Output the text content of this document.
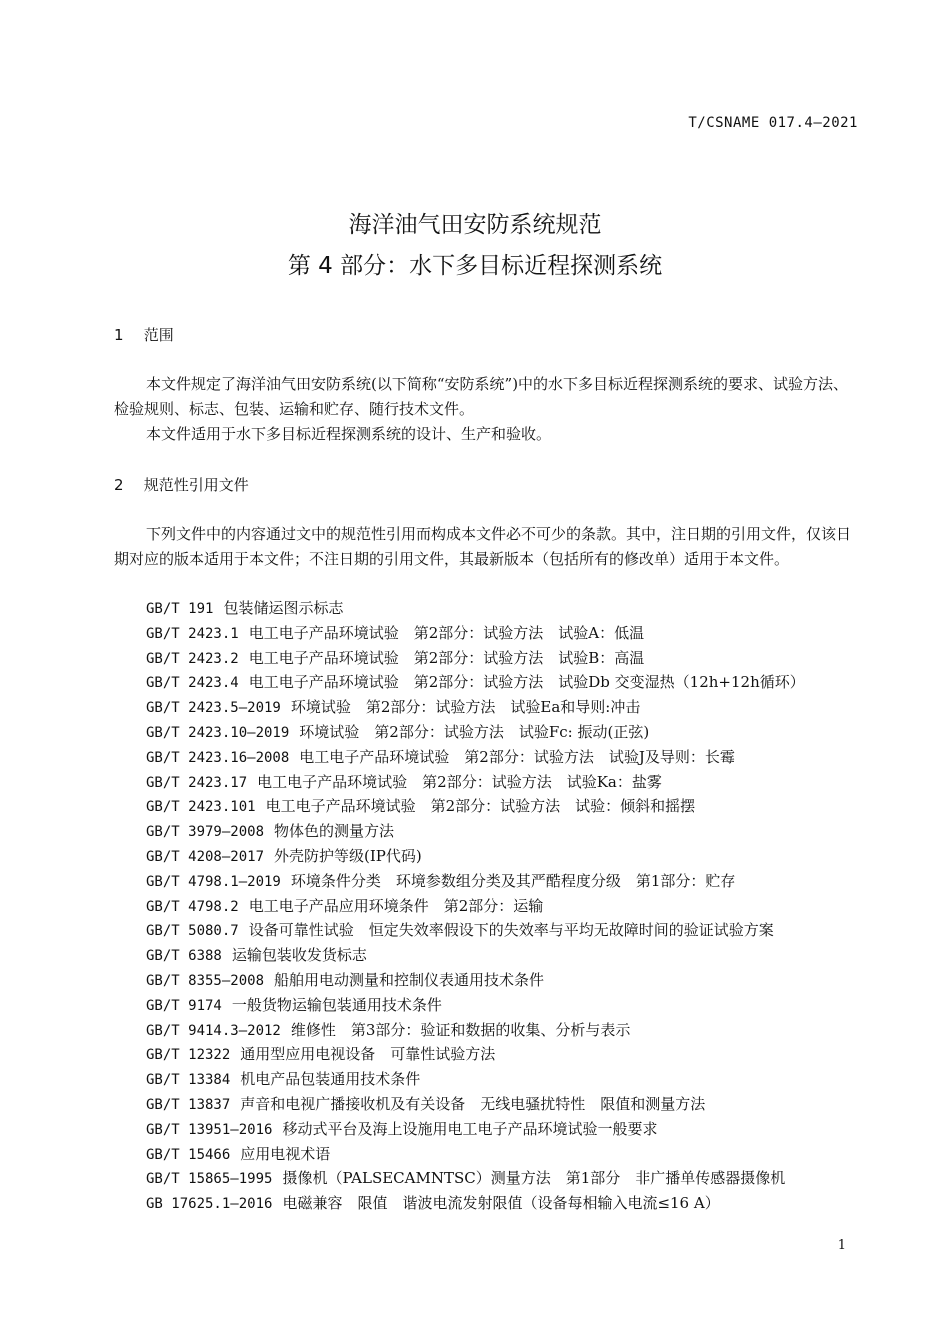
T/CSNAME 017.4—2021
海洋油气田安防系统规范
第 4 部分：水下多目标近程探测系统
1 范围

本文件规定了海洋油气田安防系统(以下简称“安防系统”)中的水下多目标近程探测系统的要求、试验方法、检验规则、标志、包装、运输和贮存、随行技术文件。

本文件适用于水下多目标近程探测系统的设计、生产和验收。

2 规范性引用文件

下列文件中的内容通过文中的规范性引用而构成本文件必不可少的条款。其中，注日期的引用文件，仅该日期对应的版本适用于本文件；不注日期的引用文件，其最新版本（包括所有的修改单）适用于本文件。

GB/T 191 包装储运图示标志
GB/T 2423.1 电工电子产品环境试验　第2部分：试验方法　试验A：低温
GB/T 2423.2 电工电子产品环境试验　第2部分：试验方法　试验B：高温
GB/T 2423.4 电工电子产品环境试验　第2部分：试验方法　试验Db 交变湿热（12h+12h循环）
GB/T 2423.5—2019 环境试验　第2部分：试验方法　试验Ea和导则:冲击
GB/T 2423.10—2019 环境试验　第2部分：试验方法　试验Fc: 振动(正弦)
GB/T 2423.16—2008 电工电子产品环境试验　第2部分：试验方法　试验J及导则：长霉
GB/T 2423.17 电工电子产品环境试验　第2部分：试验方法　试验Ka：盐雾
GB/T 2423.101 电工电子产品环境试验　第2部分：试验方法　试验：倾斜和摇摆
GB/T 3979—2008 物体色的测量方法
GB/T 4208—2017 外壳防护等级(IP代码)
GB/T 4798.1—2019 环境条件分类　环境参数组分类及其严酷程度分级　第1部分：贮存
GB/T 4798.2 电工电子产品应用环境条件　第2部分：运输
GB/T 5080.7 设备可靠性试验　恒定失效率假设下的失效率与平均无故障时间的验证试验方案
GB/T 6388 运输包装收发货标志
GB/T 8355—2008 船舶用电动测量和控制仪表通用技术条件
GB/T 9174 一般货物运输包装通用技术条件
GB/T 9414.3—2012 维修性　第3部分：验证和数据的收集、分析与表示
GB/T 12322 通用型应用电视设备　可靠性试验方法
GB/T 13384 机电产品包装通用技术条件
GB/T 13837 声音和电视广播接收机及有关设备　无线电骚扰特性　限值和测量方法
GB/T 13951—2016 移动式平台及海上设施用电工电子产品环境试验一般要求
GB/T 15466 应用电视术语
GB/T 15865—1995 摄像机（PALSECAMNTSC）测量方法　第1部分　非广播单传感器摄像机
GB 17625.1—2016 电磁兼容　限值　谐波电流发射限值（设备每相输入电流≤16 A）
1
